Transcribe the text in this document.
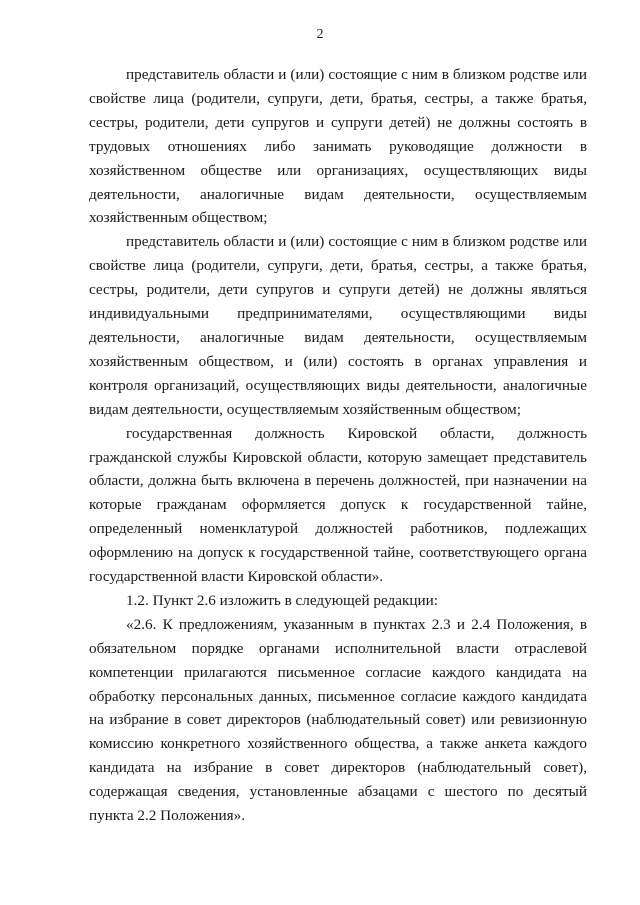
2

представитель области и (или) состоящие с ним в близком родстве или свойстве лица (родители, супруги, дети, братья, сестры, а также братья, сестры, родители, дети супругов и супруги детей) не должны состоять в трудовых отношениях либо занимать руководящие должности в хозяйственном обществе или организациях, осуществляющих виды деятельности, аналогичные видам деятельности, осуществляемым хозяйственным обществом;

представитель области и (или) состоящие с ним в близком родстве или свойстве лица (родители, супруги, дети, братья, сестры, а также братья, сестры, родители, дети супругов и супруги детей) не должны являться индивидуальными предпринимателями, осуществляющими виды деятельности, аналогичные видам деятельности, осуществляемым хозяйственным обществом, и (или) состоять в органах управления и контроля организаций, осуществляющих виды деятельности, аналогичные видам деятельности, осуществляемым хозяйственным обществом;

государственная должность Кировской области, должность гражданской службы Кировской области, которую замещает представитель области, должна быть включена в перечень должностей, при назначении на которые гражданам оформляется допуск к государственной тайне, определенный номенклатурой должностей работников, подлежащих оформлению на допуск к государственной тайне, соответствующего органа государственной власти Кировской области».

1.2. Пункт 2.6 изложить в следующей редакции:

«2.6. К предложениям, указанным в пунктах 2.3 и 2.4 Положения, в обязательном порядке органами исполнительной власти отраслевой компетенции прилагаются письменное согласие каждого кандидата на обработку персональных данных, письменное согласие каждого кандидата на избрание в совет директоров (наблюдательный совет) или ревизионную комиссию конкретного хозяйственного общества, а также анкета каждого кандидата на избрание в совет директоров (наблюдательный совет), содержащая сведения, установленные абзацами с шестого по десятый пункта 2.2 Положения».
